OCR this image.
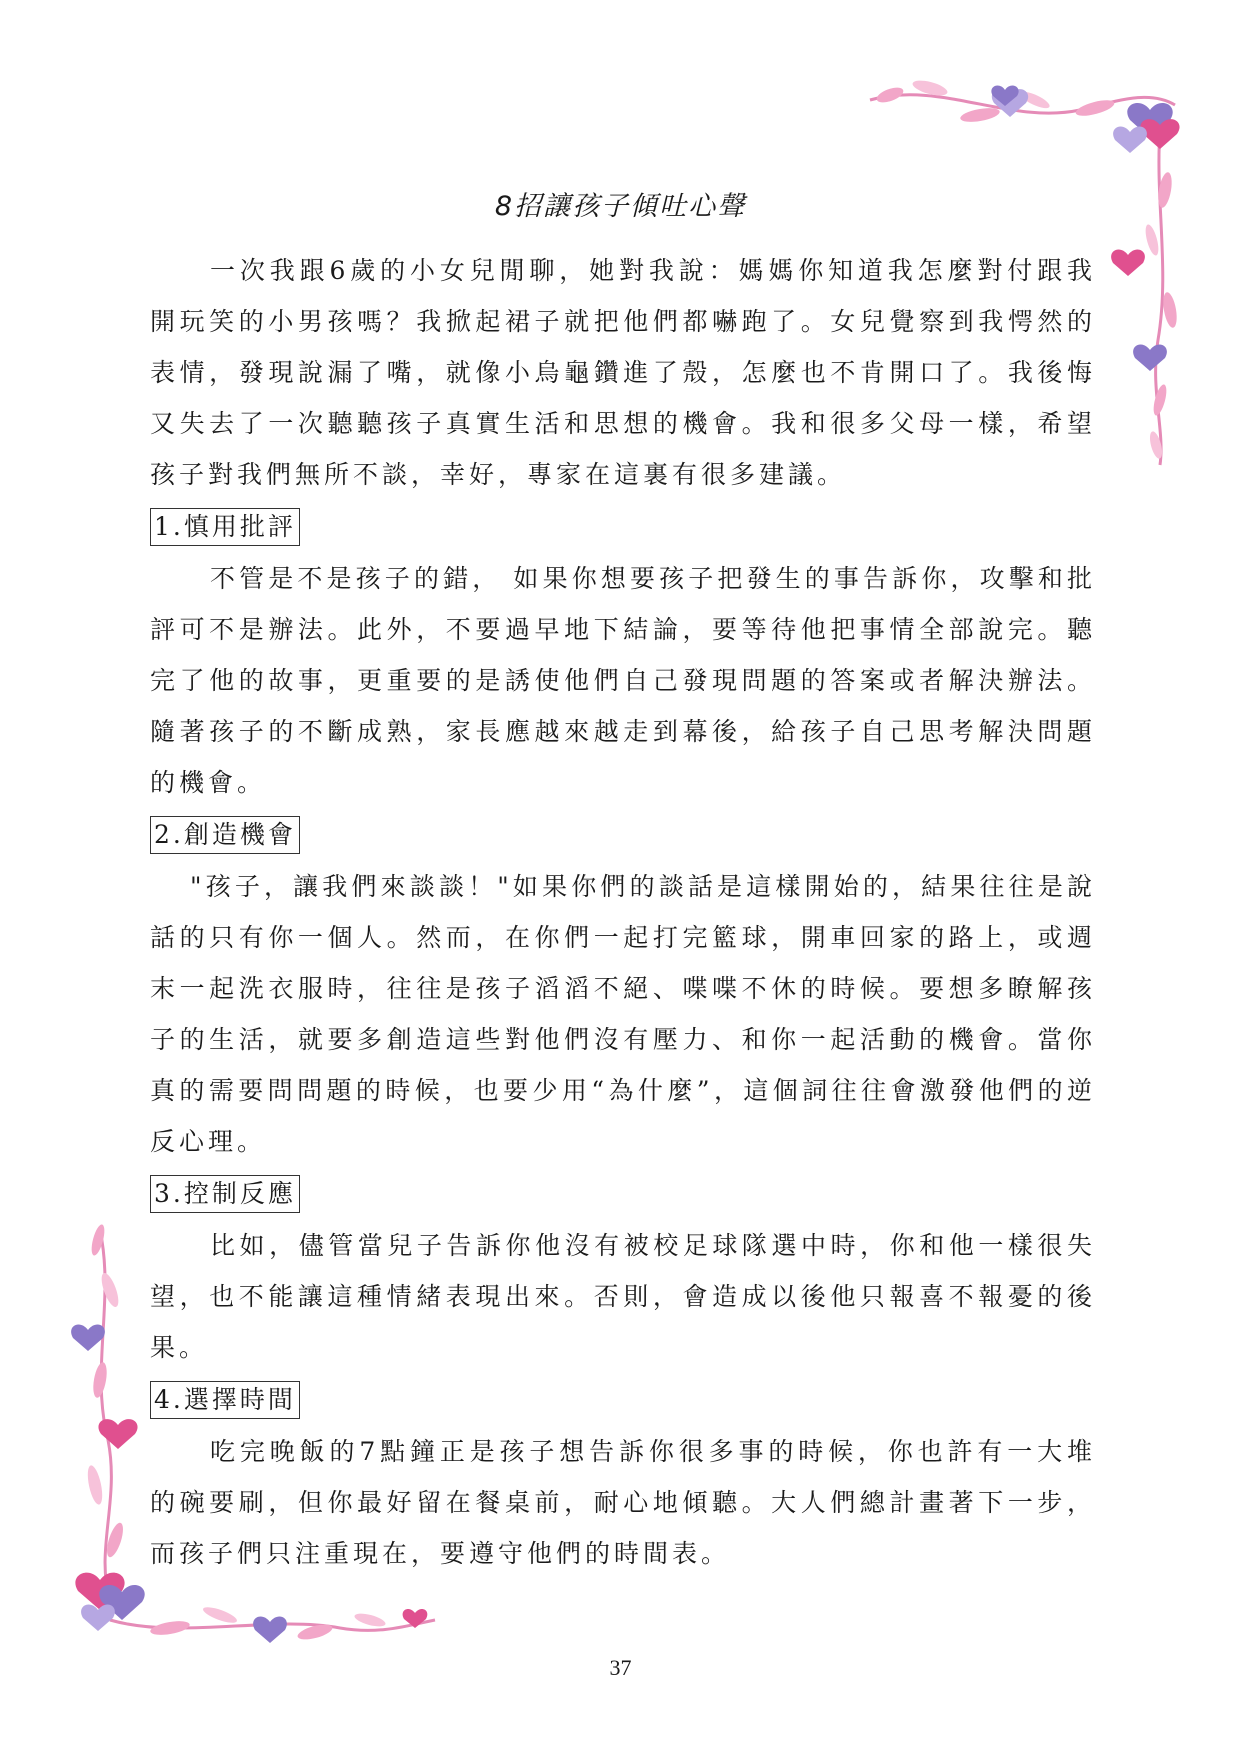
8招讓孩子傾吐心聲

一次我跟6歲的小女兒閒聊，她對我說：媽媽你知道我怎麼對付跟我開玩笑的小男孩嗎？我掀起裙子就把他們都嚇跑了。女兒覺察到我愕然的表情，發現說漏了嘴，就像小烏龜鑽進了殼，怎麼也不肯開口了。我後悔又失去了一次聽聽孩子真實生活和思想的機會。我和很多父母一樣，希望孩子對我們無所不談，幸好，專家在這裏有很多建議。

1.慎用批評

不管是不是孩子的錯， 如果你想要孩子把發生的事告訴你，攻擊和批評可不是辦法。此外，不要過早地下結論，要等待他把事情全部說完。聽完了他的故事，更重要的是誘使他們自己發現問題的答案或者解決辦法。隨著孩子的不斷成熟，家長應越來越走到幕後，給孩子自己思考解決問題的機會。

2.創造機會

"孩子，讓我們來談談！"如果你們的談話是這樣開始的，結果往往是說話的只有你一個人。然而，在你們一起打完籃球，開車回家的路上，或週末一起洗衣服時，往往是孩子滔滔不絕、喋喋不休的時候。要想多瞭解孩子的生活，就要多創造這些對他們沒有壓力、和你一起活動的機會。當你真的需要問問題的時候，也要少用“為什麼”，這個詞往往會激發他們的逆反心理。

3.控制反應

比如，儘管當兒子告訴你他沒有被校足球隊選中時，你和他一樣很失望，也不能讓這種情緒表現出來。否則，會造成以後他只報喜不報憂的後果。

4.選擇時間

吃完晚飯的7點鐘正是孩子想告訴你很多事的時候，你也許有一大堆的碗要刷，但你最好留在餐桌前，耐心地傾聽。大人們總計畫著下一步，而孩子們只注重現在，要遵守他們的時間表。

37
